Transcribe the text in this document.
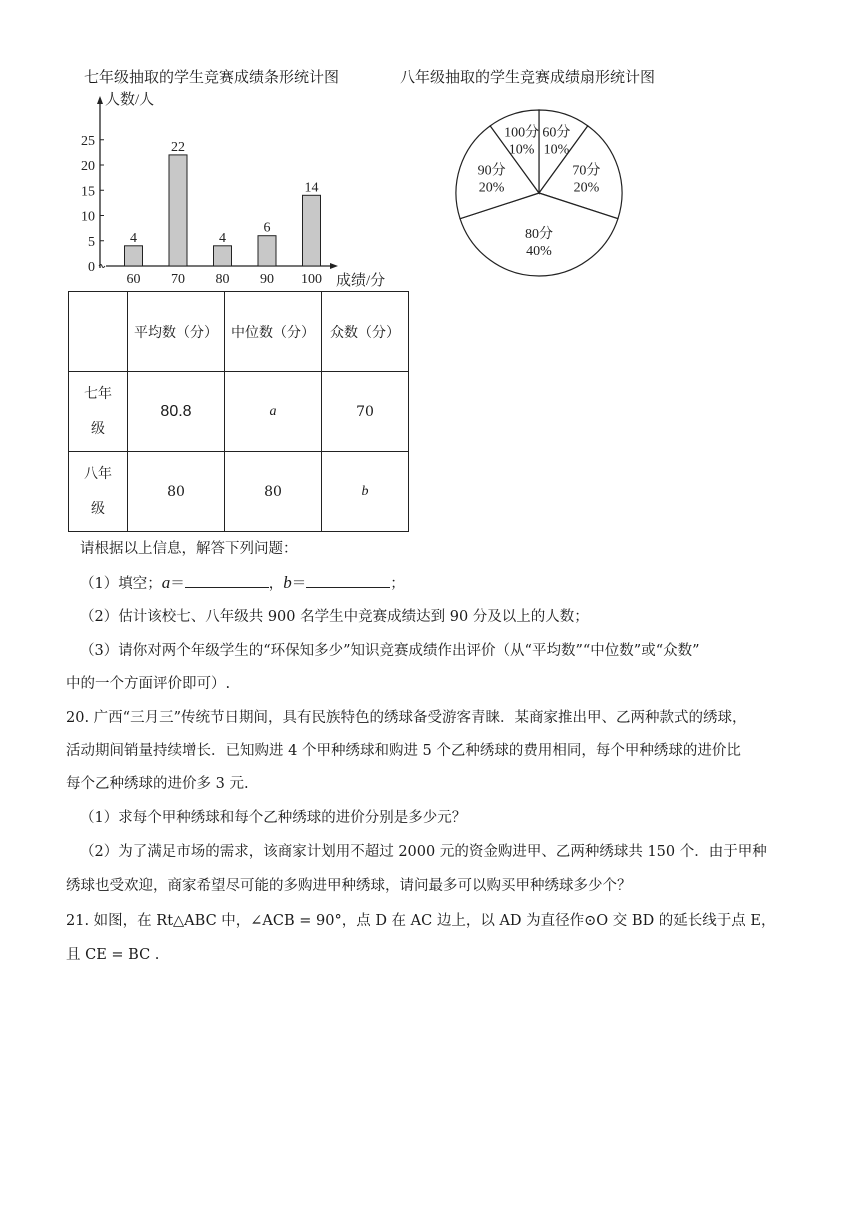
七年级抽取的学生竞赛成绩条形统计图	八年级抽取的学生竞赛成绩扇形统计图
人数/人
0
5
10
15
20
25
成绩/分
4
60
22
70
4
80
6
90
14
100
60分
10%
70分
20%
80分
40%
90分
20%
100分
10%
	平均数（分）	中位数（分）	众数（分）

七年
级	80.8	a	70

八年
级	80	80	b
请根据以上信息，解答下列问题：
（1）填空；a＝	，b＝	；
（2）估计该校七、八年级共 900 名学生中竞赛成绩达到 90 分及以上的人数；
（3）请你对两个年级学生的“环保知多少”知识竞赛成绩作出评价（从“平均数”“中位数”或“众数”
中的一个方面评价即可）.
20. 广西“三月三”传统节日期间，具有民族特色的绣球备受游客青睐．某商家推出甲、乙两种款式的绣球，
活动期间销量持续增长．已知购进 4 个甲种绣球和购进 5 个乙种绣球的费用相同，每个甲种绣球的进价比
每个乙种绣球的进价多 3 元.
（1）求每个甲种绣球和每个乙种绣球的进价分别是多少元？
（2）为了满足市场的需求，该商家计划用不超过 2000 元的资金购进甲、乙两种绣球共 150 个．由于甲种
绣球也受欢迎，商家希望尽可能的多购进甲种绣球，请问最多可以购买甲种绣球多少个？
21. 如图，在 Rt△ABC 中，∠ACB = 90°，点 D 在 AC 边上，以 AD 为直径作⊙O 交 BD 的延长线于点 E，
且 CE = BC .
